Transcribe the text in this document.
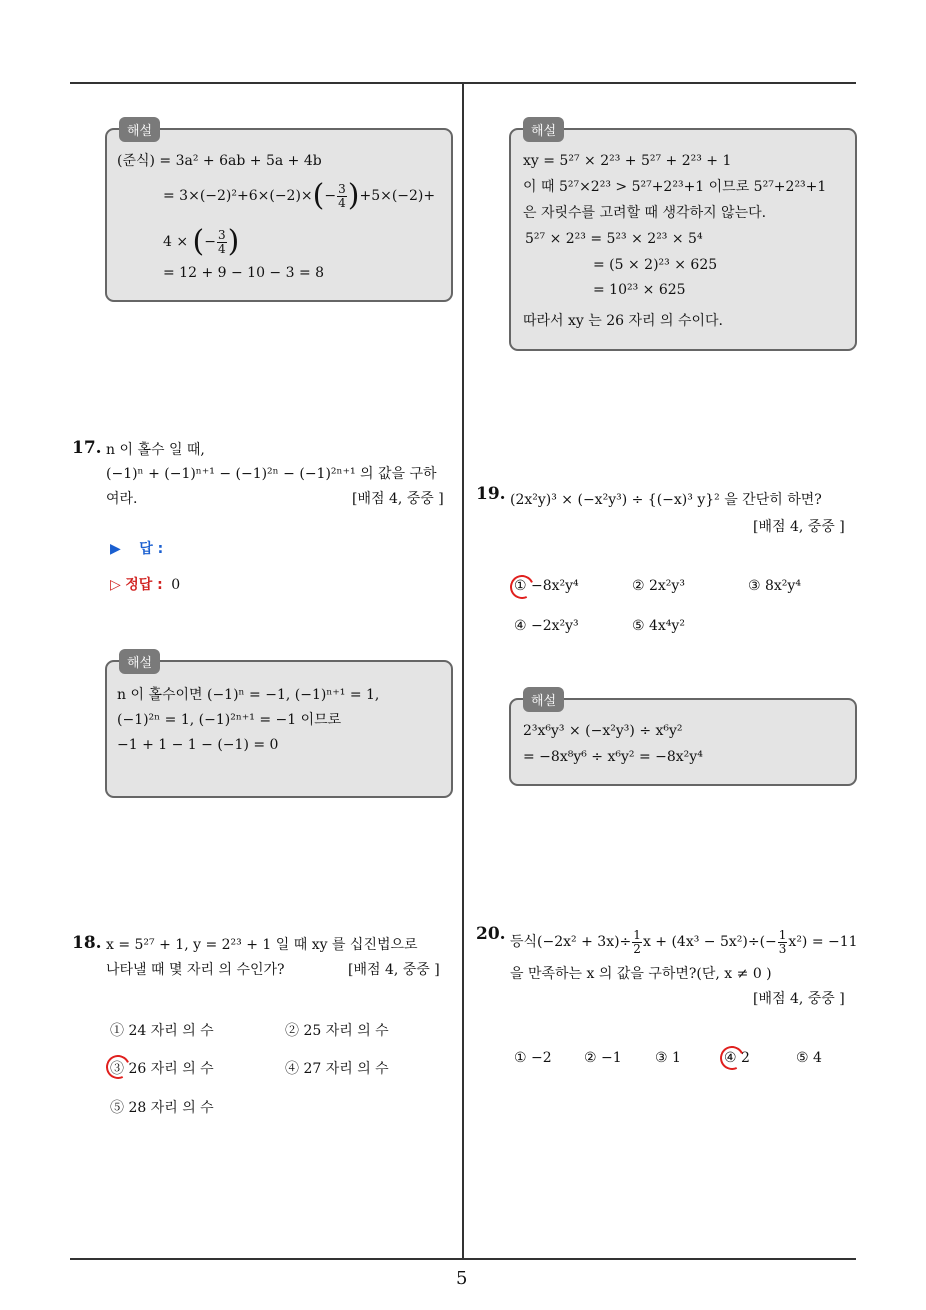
5
해설
(준식) = 3a² + 6ab + 5a + 4b
= $3\times(-2)^2+6\times(-2)\times(- \frac{3}{4} )+5\times(-2)+$
4 × (− $\frac{3}{4}$ )
= 12 + 9 − 10 − 3 = 8
17. n 이 홀수 일 때,
(−1)ⁿ + (−1)ⁿ⁺¹ − (−1)²ⁿ − (−1)²ⁿ⁺¹ 의 값을 구하
여라.	[배점 4, 중중 ]
▶ 답 :
▷ 정답 : 0
해설
n 이 홀수이면 (−1)ⁿ = −1, (−1)ⁿ⁺¹ = 1,
(−1)²ⁿ = 1, (−1)²ⁿ⁺¹ = −1 이므로
−1 + 1 − 1 − (−1) = 0
18. x = 5²⁷ + 1, y = 2²³ + 1 일 때 xy 를 십진법으로
나타낼 때 몇 자리 의 수인가?	[배점 4, 중중 ]
① 24 자리 의 수	② 25 자리 의 수
③ 26 자리 의 수	④ 27 자리 의 수
⑤ 28 자리 의 수
해설
xy = 5²⁷ × 2²³ + 5²⁷ + 2²³ + 1
이 때 5²⁷×2²³ > 5²⁷+2²³+1 이므로 5²⁷+2²³+1
은 자릿수를 고려할 때 생각하지 않는다.
5²⁷ × 2²³ = 5²³ × 2²³ × 5⁴
= (5 × 2)²³ × 625
= 10²³ × 625
따라서 xy 는 26 자리 의 수이다.
19. (2x²y)³ × (−x²y³) ÷ {(−x)³ y}² 을 간단히 하면?
[배점 4, 중중 ]
① −8x²y⁴	② 2x²y³	③ 8x²y⁴
④ −2x²y³	⑤ 4x⁴y²
해설
2³x⁶y³ × (−x²y³) ÷ x⁶y²
= −8x⁸y⁶ ÷ x⁶y² = −8x²y⁴
20. 등식$(-2x^2 + 3x)\div \frac{1}{2}$ $x + (4x^3 - 5x^2)\div(- \frac{1}{3} x^2) = -11$
을 만족하는 x 의 값을 구하면?(단, x ≠ 0 )
[배점 4, 중중 ]
① −2 ② −1 ③ 1	④ 2	⑤ 4
